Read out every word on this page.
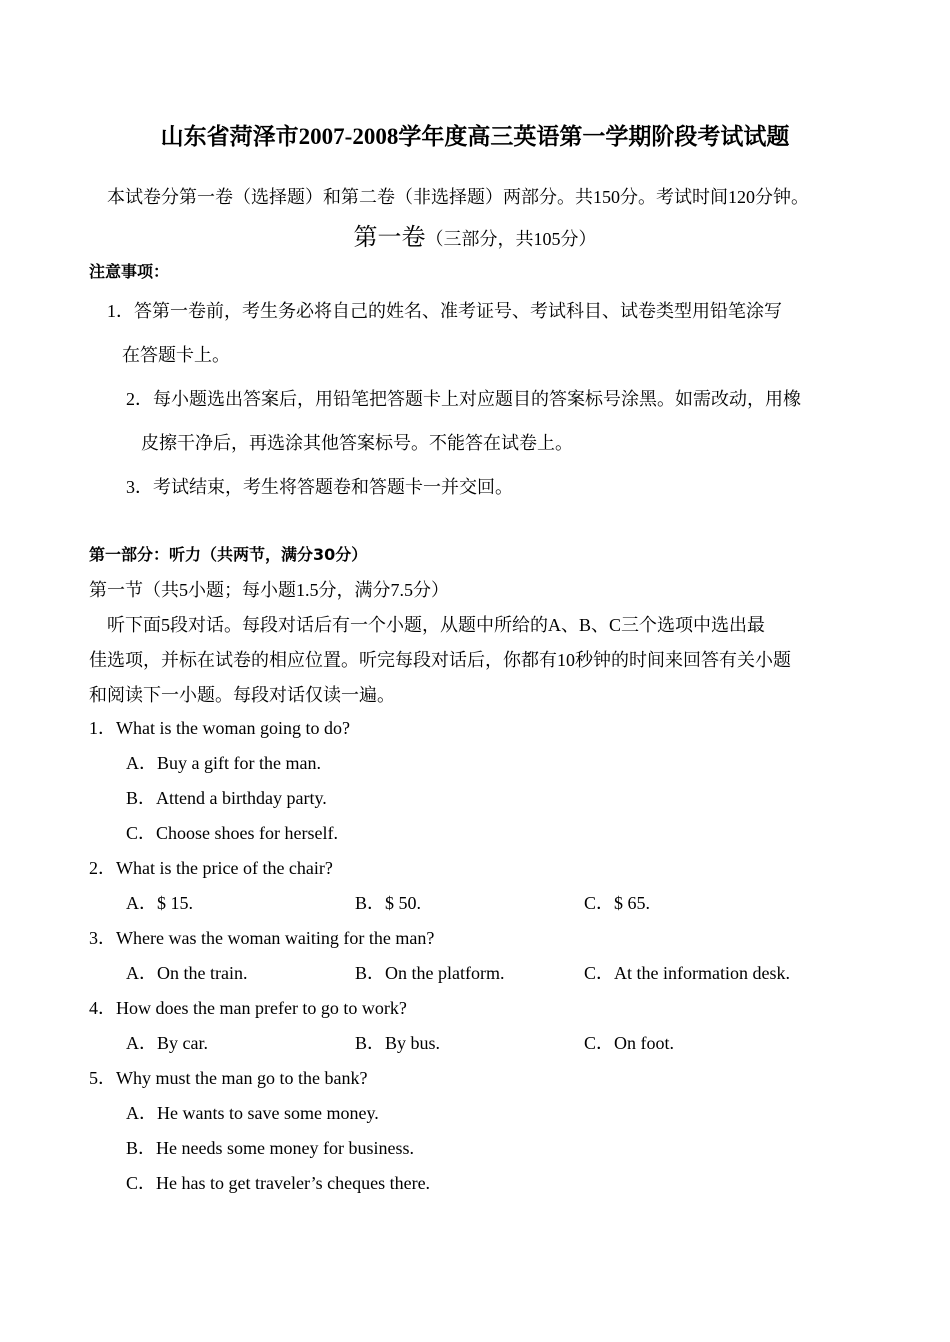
山东省菏泽市2007-2008学年度高三英语第一学期阶段考试试题
本试卷分第一卷（选择题）和第二卷（非选择题）两部分。共150分。考试时间120分钟。
第一卷（三部分，共105分）
注意事项：
1．答第一卷前，考生务必将自己的姓名、准考证号、考试科目、试卷类型用铅笔涂写
在答题卡上。
2．每小题选出答案后，用铅笔把答题卡上对应题目的答案标号涂黑。如需改动，用橡
皮擦干净后，再选涂其他答案标号。不能答在试卷上。
3．考试结束，考生将答题卷和答题卡一并交回。
第一部分：听力（共两节，满分30分）
第一节（共5小题；每小题1.5分，满分7.5分）
听下面5段对话。每段对话后有一个小题，从题中所给的A、B、C三个选项中选出最
佳选项，并标在试卷的相应位置。听完每段对话后，你都有10秒钟的时间来回答有关小题
和阅读下一小题。每段对话仅读一遍。
1．What is the woman going to do?
A．Buy a gift for the man.
B．Attend a birthday party.
C．Choose shoes for herself.
2．What is the price of the chair?
A．$ 15.	B．$ 50.	C．$ 65.
3．Where was the woman waiting for the man?
A．On the train.	B．On the platform.	C．At the information desk.
4．How does the man prefer to go to work?
A．By car.	B．By bus.	C．On foot.
5．Why must the man go to the bank?
A．He wants to save some money.
B．He needs some money for business.
C．He has to get traveler’s cheques there.
